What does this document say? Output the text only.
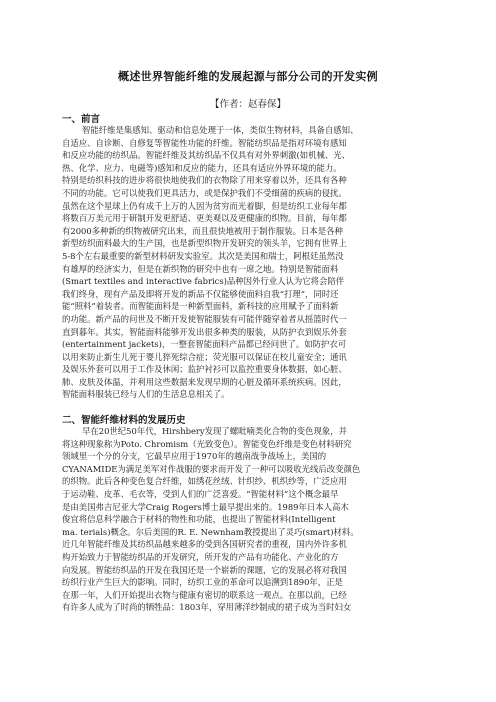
概述世界智能纤维的发展起源与部分公司的开发实例
【作者：赵春保】
一、前言
智能纤维是集感知、驱动和信息处理于一体，类似生物材料，具备自感知、
自适应、自诊断、自修复等智能性功能的纤维。智能纺织品是指对环境有感知
和反应功能的纺织品。智能纤维及其纺织品不仅具有对外界刺激(如机械、光、
热、化学、应力、电磁等)感知和反应的能力，还具有适应外界环境的能力。
特别是纺织科技的进步将很快地使我们的衣物除了用来穿着以外，还具有各种
不同的功能。它可以使我们更具活力，或是保护我们不受细菌的疾病的侵扰。
虽然在这个星球上仍有成千上万的人因为贫穷而光着脚，但是纺织工业每年都
将数百万美元用于研制开发更舒适、更美观以及更健康的织物。目前，每年都
有2000多种新的织物被研究出来，而且很快地被用于制作服装。日本是各种
新型纺织面料最大的生产国，也是新型织物开发研究的领头羊，它拥有世界上
5-8个左右最重要的新型材料研发实验室。其次是美国和瑞士，阿根廷虽然没
有雄厚的经济实力，但是在新织物的研究中也有一席之地。特别是智能面料
(Smart textiles and interactive fabrics)品种因外行业人认为它将会陪伴
我们终身，现有产品及即将开发的新品不仅能够使面料自我“打理”，同时还
能“照料”着装者。而智能面料是一种新型面料，新科技的应用赋予了面料新
的功能。新产品的问世及不断开发使智能服装有可能伴随穿着者从摇篮时代一
直到暮年。其实，智能面料能够开发出很多种类的服装，从防护衣到娱乐外套
(entertainment jackets)，一整套智能面料产品都已经问世了。如防护衣可
以用来防止新生儿死于婴儿猝死综合症；荧光服可以保证在校儿童安全；通讯
及娱乐外套可以用于工作及休闲；监护衬衫可以监控重要身体数据，如心脏、
肺、皮肤及体温，并利用这些数据来发现早期的心脏及循环系统疾病。因此，
智能面料服装已经与人们的生活息息相关了。
二、智能纤维材料的发展历史
早在20世纪50年代，Hirshbery发现了螺吡喃类化合物的变色现象，并
将这种现象称为Poto. Chromism（光致变色）。智能变色纤维是变色材料研究
领域里一个分的分支，它最早应用于1970年的越南战争战场上，美国的
CYANAMIDE为满足美军对作战服的要求而开发了一种可以吸收光线后改变颜色
的织物。此后各种变色复合纤维，如绣花丝绒、针织纱、机织纱等，广泛应用
于运动鞋、皮革、毛衣等，受到人们的广泛喜爱。“智能材料”这个概念最早
是由美国弗吉尼亚大学Craig Rogers博士最早提出来的。1989年日本人高木
俊宜将信息科学融合于材料的物性和功能，也提出了智能材料(Intelligent
ma. terials)概念。尔后美国的R. E. Newnham教授提出了灵巧(smart)材料。
近几年智能纤维及其纺织品越来越多的受到各国研究者的重视，国内外许多机
构开始致力于智能纺织品的开发研究，所开发的产品有功能化、产业化的方
向发展。智能纺织品的开发在我国还是一个崭新的课题，它的发展必将对我国
纺织行业产生巨大的影响。同时，纺织工业的革命可以追溯到1890年，正是
在那一年，人们开始提出衣物与健康有密切的联系这一观点。在那以前，已经
有许多人成为了时尚的牺牲品：1803年，穿用薄洋纱制成的裙子成为当时妇女
